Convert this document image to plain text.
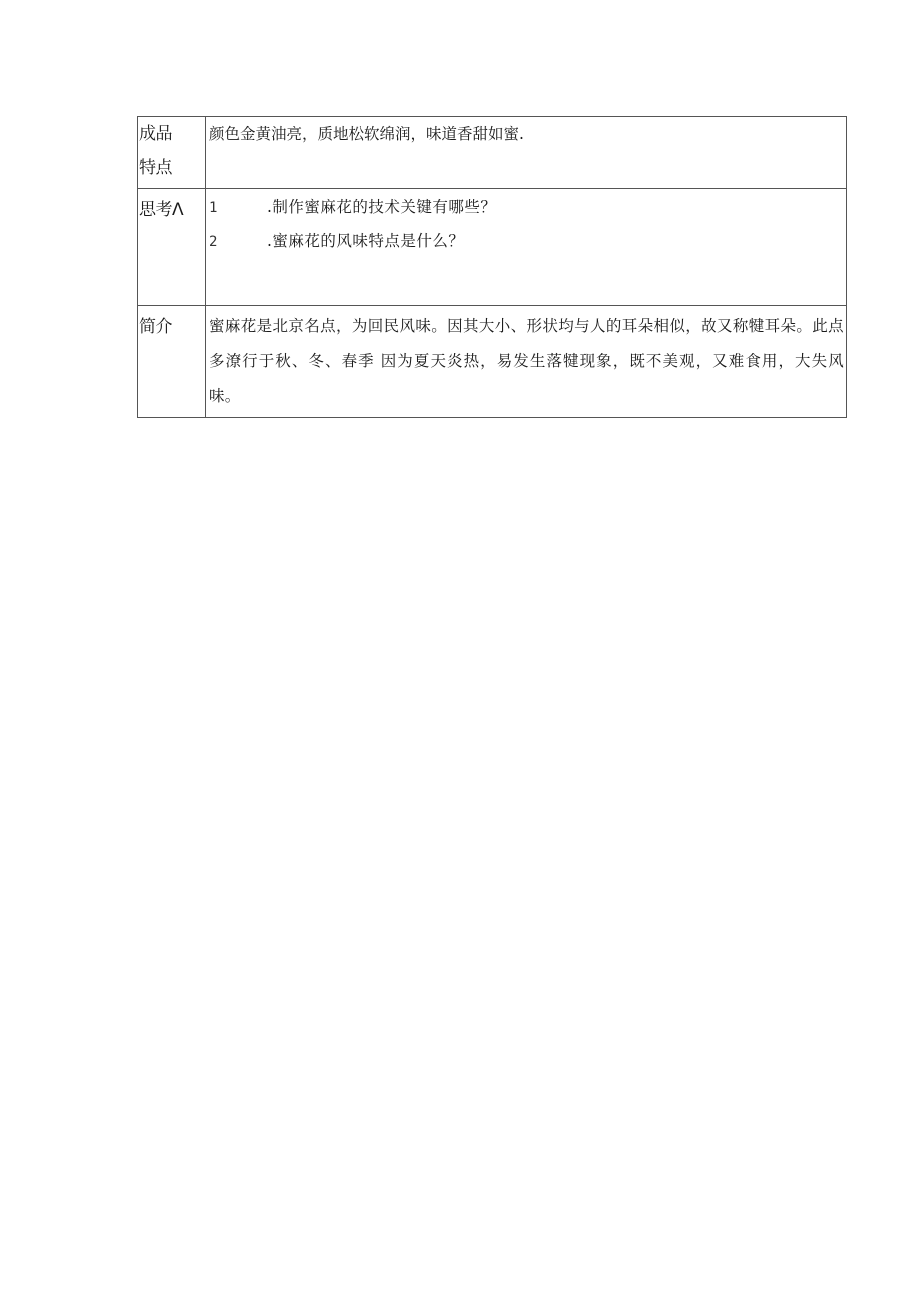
成品
特点	颜色金黄油亮，质地松软绵润，味道香甜如蜜.

思考Λ	1 .制作蜜麻花的技术关键有哪些？
2 .蜜麻花的风味特点是什么？

简介	蜜麻花是北京名点，为回民风味。因其大小、形状均与人的耳朵相似，故又称犍耳朵。此点多潦行于秋、冬、春季 因为夏天炎热，易发生落犍现象，既不美观，又难食用，大失风味。
